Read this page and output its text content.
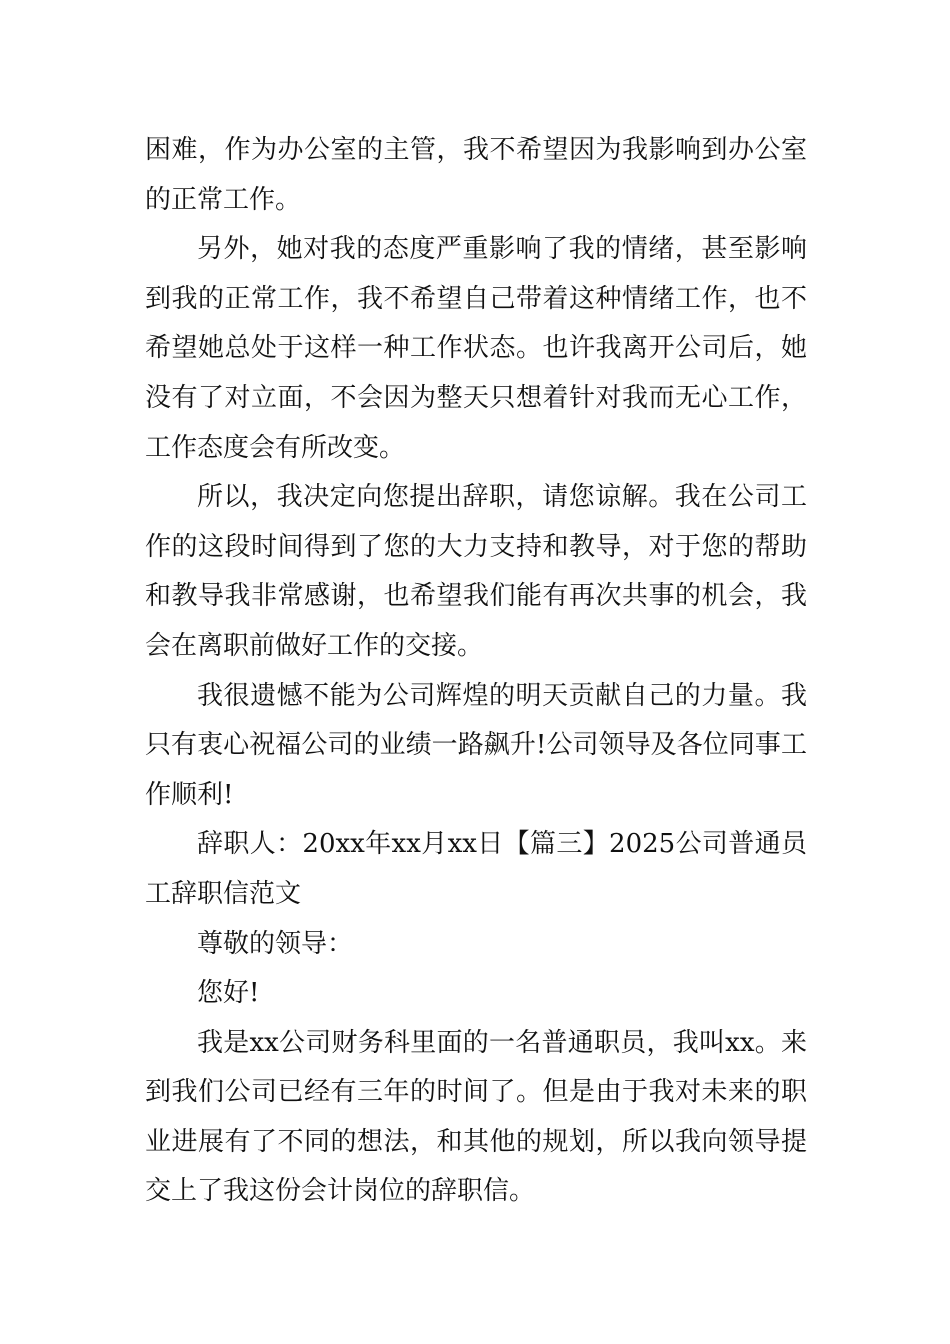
困难，作为办公室的主管，我不希望因为我影响到办公室的正常工作。

另外，她对我的态度严重影响了我的情绪，甚至影响到我的正常工作，我不希望自己带着这种情绪工作，也不希望她总处于这样一种工作状态。也许我离开公司后，她没有了对立面，不会因为整天只想着针对我而无心工作，工作态度会有所改变。

所以，我决定向您提出辞职，请您谅解。我在公司工作的这段时间得到了您的大力支持和教导，对于您的帮助和教导我非常感谢，也希望我们能有再次共事的机会，我会在离职前做好工作的交接。

我很遗憾不能为公司辉煌的明天贡献自己的力量。我只有衷心祝福公司的业绩一路飙升!公司领导及各位同事工作顺利!

辞职人：20xx年xx月xx日【篇三】2025公司普通员工辞职信范文

尊敬的领导：

您好!

我是xx公司财务科里面的一名普通职员，我叫xx。来到我们公司已经有三年的时间了。但是由于我对未来的职业进展有了不同的想法，和其他的规划，所以我向领导提交上了我这份会计岗位的辞职信。
